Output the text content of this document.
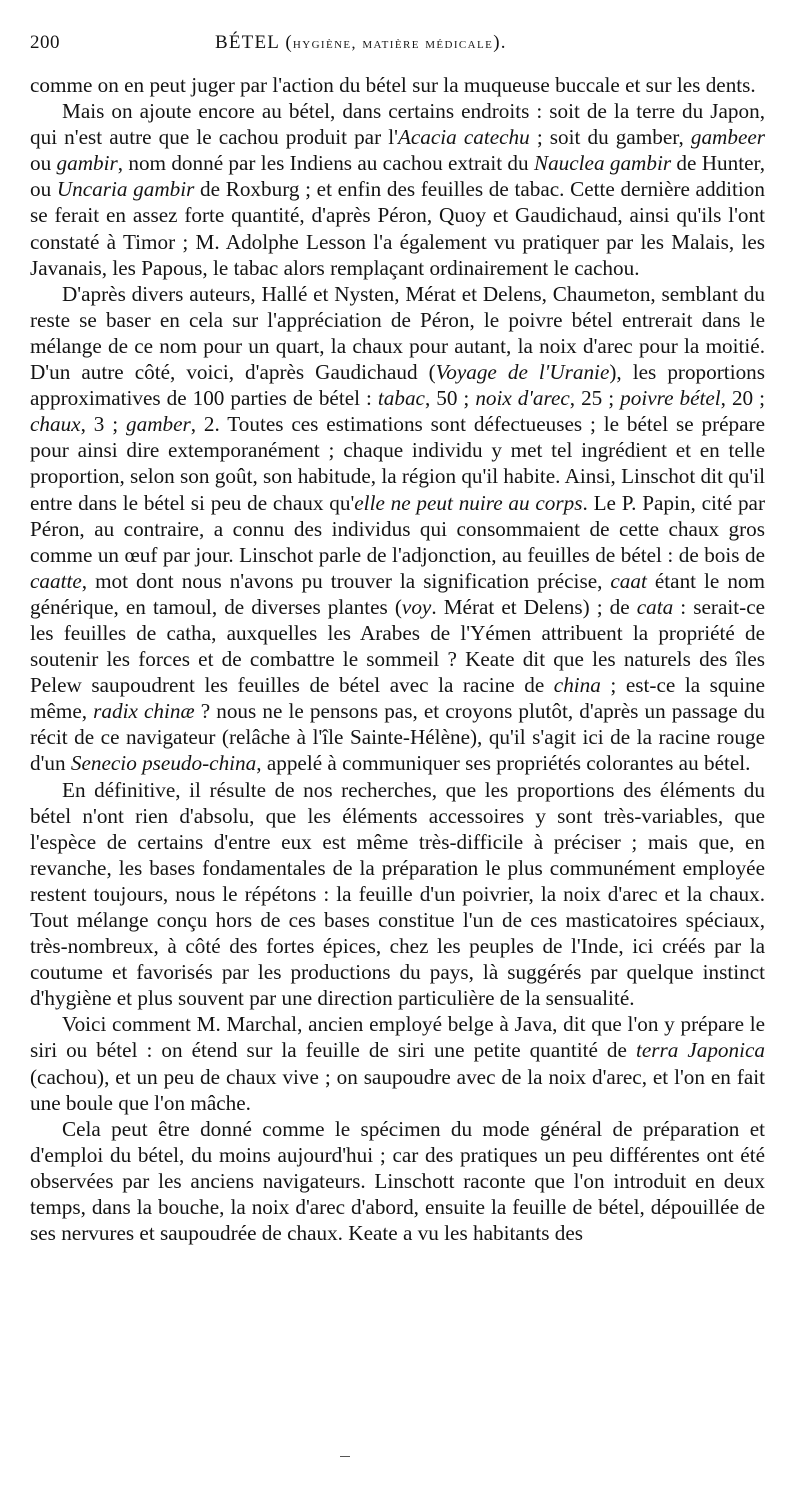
200	BÉTEL (hygiène, matière médicale).

comme on en peut juger par l'action du bétel sur la muqueuse buccale et sur les dents.

Mais on ajoute encore au bétel, dans certains endroits : soit de la terre du Japon, qui n'est autre que le cachou produit par l'Acacia catechu ; soit du gamber, gambeer ou gambir, nom donné par les Indiens au cachou extrait du Nauclea gambir de Hunter, ou Uncaria gambir de Roxburg ; et enfin des feuilles de tabac. Cette dernière addition se ferait en assez forte quantité, d'après Péron, Quoy et Gaudichaud, ainsi qu'ils l'ont constaté à Timor ; M. Adolphe Lesson l'a également vu pratiquer par les Malais, les Javanais, les Papous, le tabac alors remplaçant ordinairement le cachou.

D'après divers auteurs, Hallé et Nysten, Mérat et Delens, Chaumeton, semblant du reste se baser en cela sur l'appréciation de Péron, le poivre bétel entrerait dans le mélange de ce nom pour un quart, la chaux pour autant, la noix d'arec pour la moitié. D'un autre côté, voici, d'après Gaudichaud (Voyage de l'Uranie), les proportions approximatives de 100 parties de bétel : tabac, 50 ; noix d'arec, 25 ; poivre bétel, 20 ; chaux, 3 ; gamber, 2. Toutes ces estimations sont défectueuses ; le bétel se prépare pour ainsi dire extemporanément ; chaque individu y met tel ingrédient et en telle proportion, selon son goût, son habitude, la région qu'il habite. Ainsi, Linschot dit qu'il entre dans le bétel si peu de chaux qu'elle ne peut nuire au corps. Le P. Papin, cité par Péron, au contraire, a connu des individus qui consommaient de cette chaux gros comme un œuf par jour. Linschot parle de l'adjonction, au feuilles de bétel : de bois de caatte, mot dont nous n'avons pu trouver la signification précise, caat étant le nom générique, en tamoul, de diverses plantes (voy. Mérat et Delens) ; de cata : serait-ce les feuilles de catha, auxquelles les Arabes de l'Yémen attribuent la propriété de soutenir les forces et de combattre le sommeil ? Keate dit que les naturels des îles Pelew saupoudrent les feuilles de bétel avec la racine de china ; est-ce la squine même, radix chinæ ? nous ne le pensons pas, et croyons plutôt, d'après un passage du récit de ce navigateur (relâche à l'île Sainte-Hélène), qu'il s'agit ici de la racine rouge d'un Senecio pseudo-china, appelé à communiquer ses propriétés colorantes au bétel.

En définitive, il résulte de nos recherches, que les proportions des éléments du bétel n'ont rien d'absolu, que les éléments accessoires y sont très-variables, que l'espèce de certains d'entre eux est même très-difficile à préciser ; mais que, en revanche, les bases fondamentales de la préparation le plus communément employée restent toujours, nous le répétons : la feuille d'un poivrier, la noix d'arec et la chaux. Tout mélange conçu hors de ces bases constitue l'un de ces masticatoires spéciaux, très-nombreux, à côté des fortes épices, chez les peuples de l'Inde, ici créés par la coutume et favorisés par les productions du pays, là suggérés par quelque instinct d'hygiène et plus souvent par une direction particulière de la sensualité.

Voici comment M. Marchal, ancien employé belge à Java, dit que l'on y prépare le siri ou bétel : on étend sur la feuille de siri une petite quantité de terra Japonica (cachou), et un peu de chaux vive ; on saupoudre avec de la noix d'arec, et l'on en fait une boule que l'on mâche.

Cela peut être donné comme le spécimen du mode général de préparation et d'emploi du bétel, du moins aujourd'hui ; car des pratiques un peu différentes ont été observées par les anciens navigateurs. Linschott raconte que l'on introduit en deux temps, dans la bouche, la noix d'arec d'abord, ensuite la feuille de bétel, dépouillée de ses nervures et saupoudrée de chaux. Keate a vu les habitants des
